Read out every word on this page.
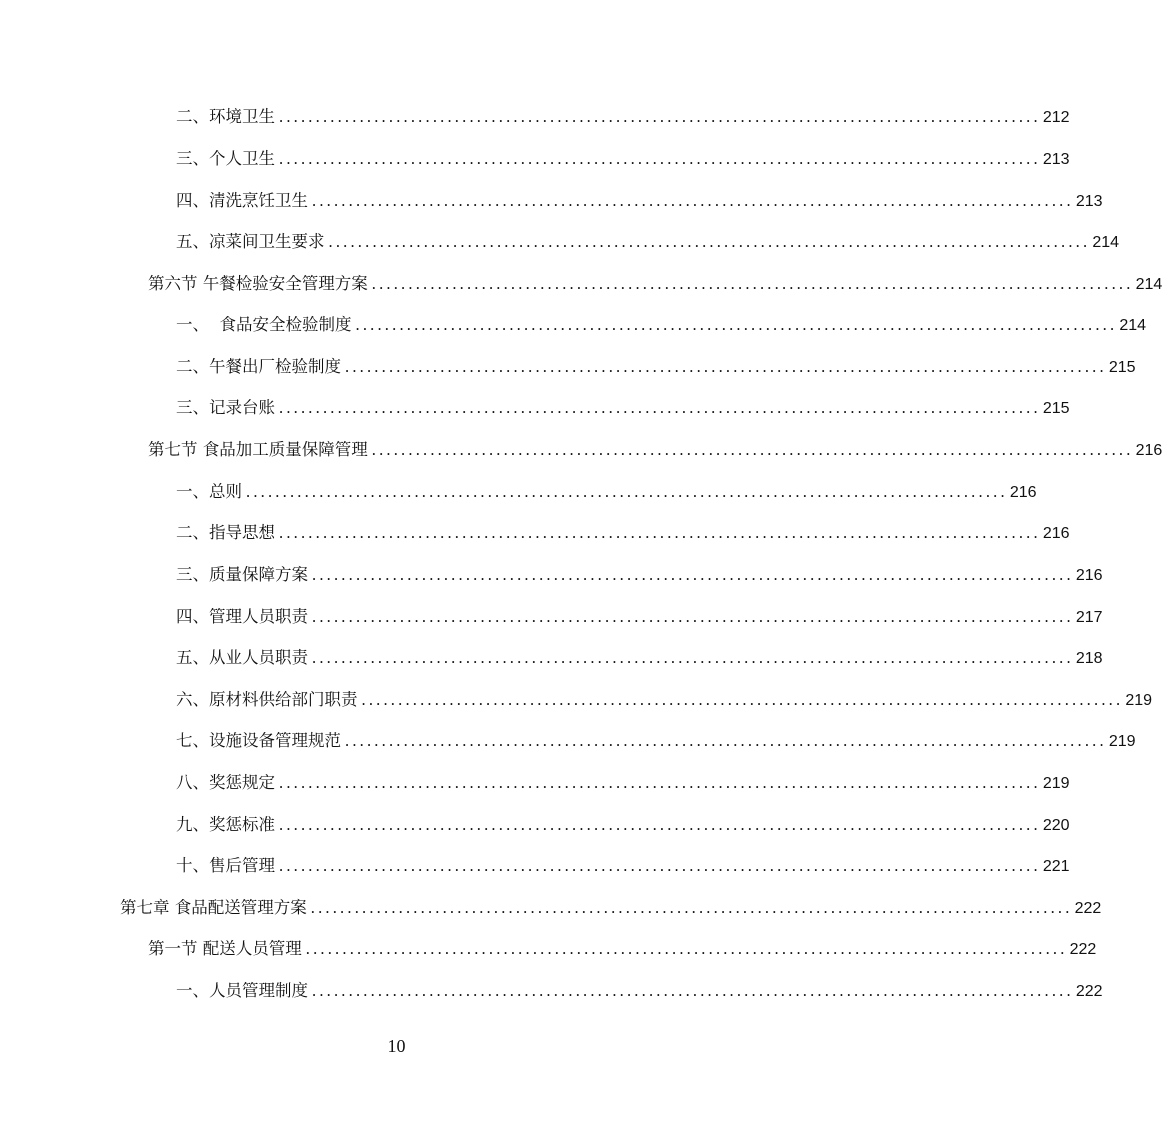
二、环境卫生 ........................................................................................................ 212
三、个人卫生 ........................................................................................................ 213
四、清洗烹饪卫生 ........................................................................................................ 213
五、凉菜间卫生要求 ........................................................................................................ 214
第六节 午餐检验安全管理方案 ........................................................................................................ 214
一、  食品安全检验制度 ........................................................................................................ 214
二、午餐出厂检验制度 ........................................................................................................ 215
三、记录台账 ........................................................................................................ 215
第七节 食品加工质量保障管理 ........................................................................................................ 216
一、总则 ........................................................................................................ 216
二、指导思想 ........................................................................................................ 216
三、质量保障方案 ........................................................................................................ 216
四、管理人员职责 ........................................................................................................ 217
五、从业人员职责 ........................................................................................................ 218
六、原材料供给部门职责 ........................................................................................................ 219
七、设施设备管理规范 ........................................................................................................ 219
八、奖惩规定 ........................................................................................................ 219
九、奖惩标准 ........................................................................................................ 220
十、售后管理 ........................................................................................................ 221
第七章 食品配送管理方案 ........................................................................................................ 222
第一节 配送人员管理 ........................................................................................................ 222
一、人员管理制度 ........................................................................................................ 222
10
